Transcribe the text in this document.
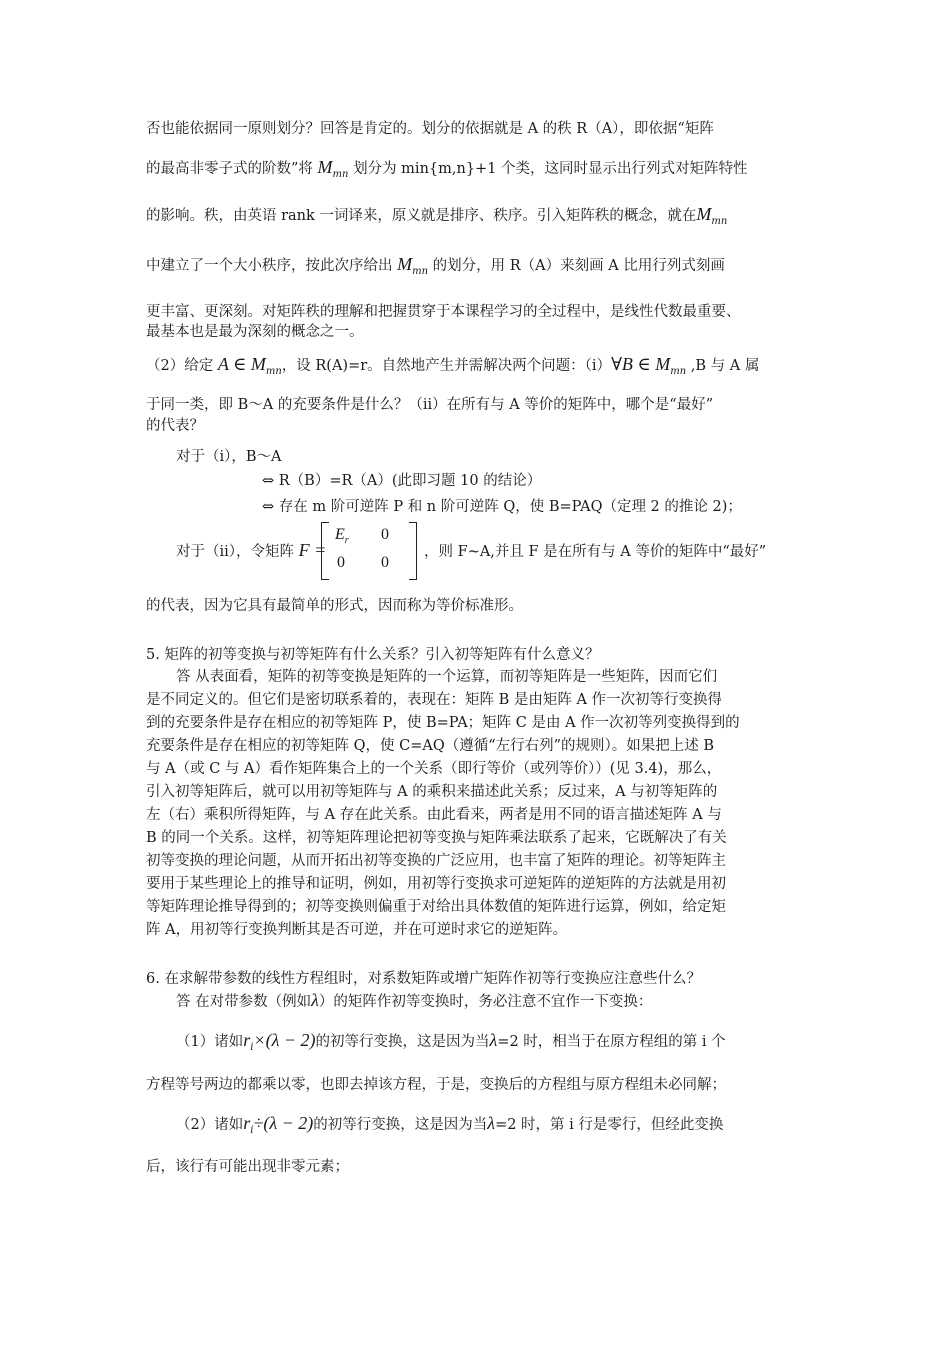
否也能依据同一原则划分？回答是肯定的。划分的依据就是 A 的秩 R（A），即依据“矩阵
的最高非零子式的阶数”将 $M_{mn}$ 划分为 min{m,n}+1 个类，这同时显示出行列式对矩阵特性
的影响。秩，由英语 rank 一词译来，原义就是排序、秩序。引入矩阵秩的概念，就在$M_{mn}$
中建立了一个大小秩序，按此次序给出 $M_{mn}$ 的划分，用 R（A）来刻画 A 比用行列式刻画
更丰富、更深刻。对矩阵秩的理解和把握贯穿于本课程学习的全过程中，是线性代数最重要、
最基本也是最为深刻的概念之一。
（2）给定 A ∈ $M_{mn}$，设 R(A)=r。自然地产生并需解决两个问题：（i）∀B ∈ $M_{mn}$ ,B 与 A 属
于同一类，即 B～A 的充要条件是什么？（ii）在所有与 A 等价的矩阵中，哪个是“最好”
的代表？
对于（i），B～A
⇔ R（B）=R（A）(此即习题 10 的结论）
⇔ 存在 m 阶可逆阵 P 和 n 阶可逆阵 Q，使 B=PAQ（定理 2 的推论 2)；
对于（ii），令矩阵 F =
$E_r$ 0
0 0
，则 F~A,并且 F 是在所有与 A 等价的矩阵中“最好”
的代表，因为它具有最简单的形式，因而称为等价标准形。
5. 矩阵的初等变换与初等矩阵有什么关系？引入初等矩阵有什么意义？
答 从表面看，矩阵的初等变换是矩阵的一个运算，而初等矩阵是一些矩阵，因而它们
是不同定义的。但它们是密切联系着的，表现在：矩阵 B 是由矩阵 A 作一次初等行变换得
到的充要条件是存在相应的初等矩阵 P，使 B=PA；矩阵 C 是由 A 作一次初等列变换得到的
充要条件是存在相应的初等矩阵 Q，使 C=AQ（遵循“左行右列”的规则）。如果把上述 B
与 A（或 C 与 A）看作矩阵集合上的一个关系（即行等价（或列等价））(见 3.4)，那么，
引入初等矩阵后，就可以用初等矩阵与 A 的乘积来描述此关系；反过来，A 与初等矩阵的
左（右）乘积所得矩阵，与 A 存在此关系。由此看来，两者是用不同的语言描述矩阵 A 与
B 的同一个关系。这样，初等矩阵理论把初等变换与矩阵乘法联系了起来，它既解决了有关
初等变换的理论问题，从而开拓出初等变换的广泛应用，也丰富了矩阵的理论。初等矩阵主
要用于某些理论上的推导和证明，例如，用初等行变换求可逆矩阵的逆矩阵的方法就是用初
等矩阵理论推导得到的；初等变换则偏重于对给出具体数值的矩阵进行运算，例如，给定矩
阵 A，用初等行变换判断其是否可逆，并在可逆时求它的逆矩阵。
6. 在求解带参数的线性方程组时，对系数矩阵或增广矩阵作初等行变换应注意些什么？
答 在对带参数（例如λ）的矩阵作初等变换时，务必注意不宜作一下变换：
（1）诸如$r_i\times(\lambda - 2)$的初等行变换，这是因为当λ=2 时，相当于在原方程组的第 i 个
方程等号两边的都乘以零，也即去掉该方程，于是，变换后的方程组与原方程组未必同解；
（2）诸如$r_i\div(\lambda - 2)$的初等行变换，这是因为当λ=2 时，第 i 行是零行，但经此变换
后，该行有可能出现非零元素；
